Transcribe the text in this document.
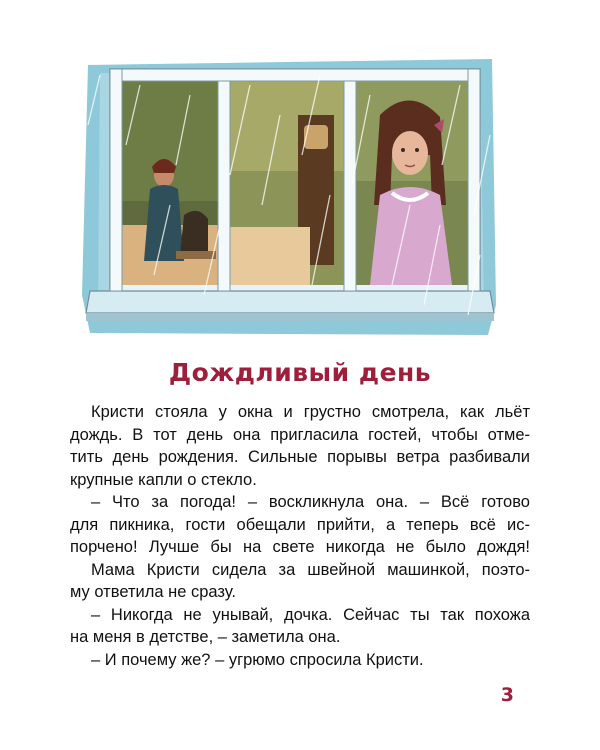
Дождливый день

Кристи стояла у окна и грустно смотрела, как льёт

дождь. В тот день она пригласила гостей, чтобы отме-

тить день рождения. Сильные порывы ветра разбивали

крупные капли о стекло.

– Что за погода! – воскликнула она. – Всё готово

для пикника, гости обещали прийти, а теперь всё ис-

порчено! Лучше бы на свете никогда не было дождя!

Мама Кристи сидела за швейной машинкой, поэто-

му ответила не сразу.

– Никогда не унывай, дочка. Сейчас ты так похожа

на меня в детстве, – заметила она.

– И почему же? – угрюмо спросила Кристи.

3
